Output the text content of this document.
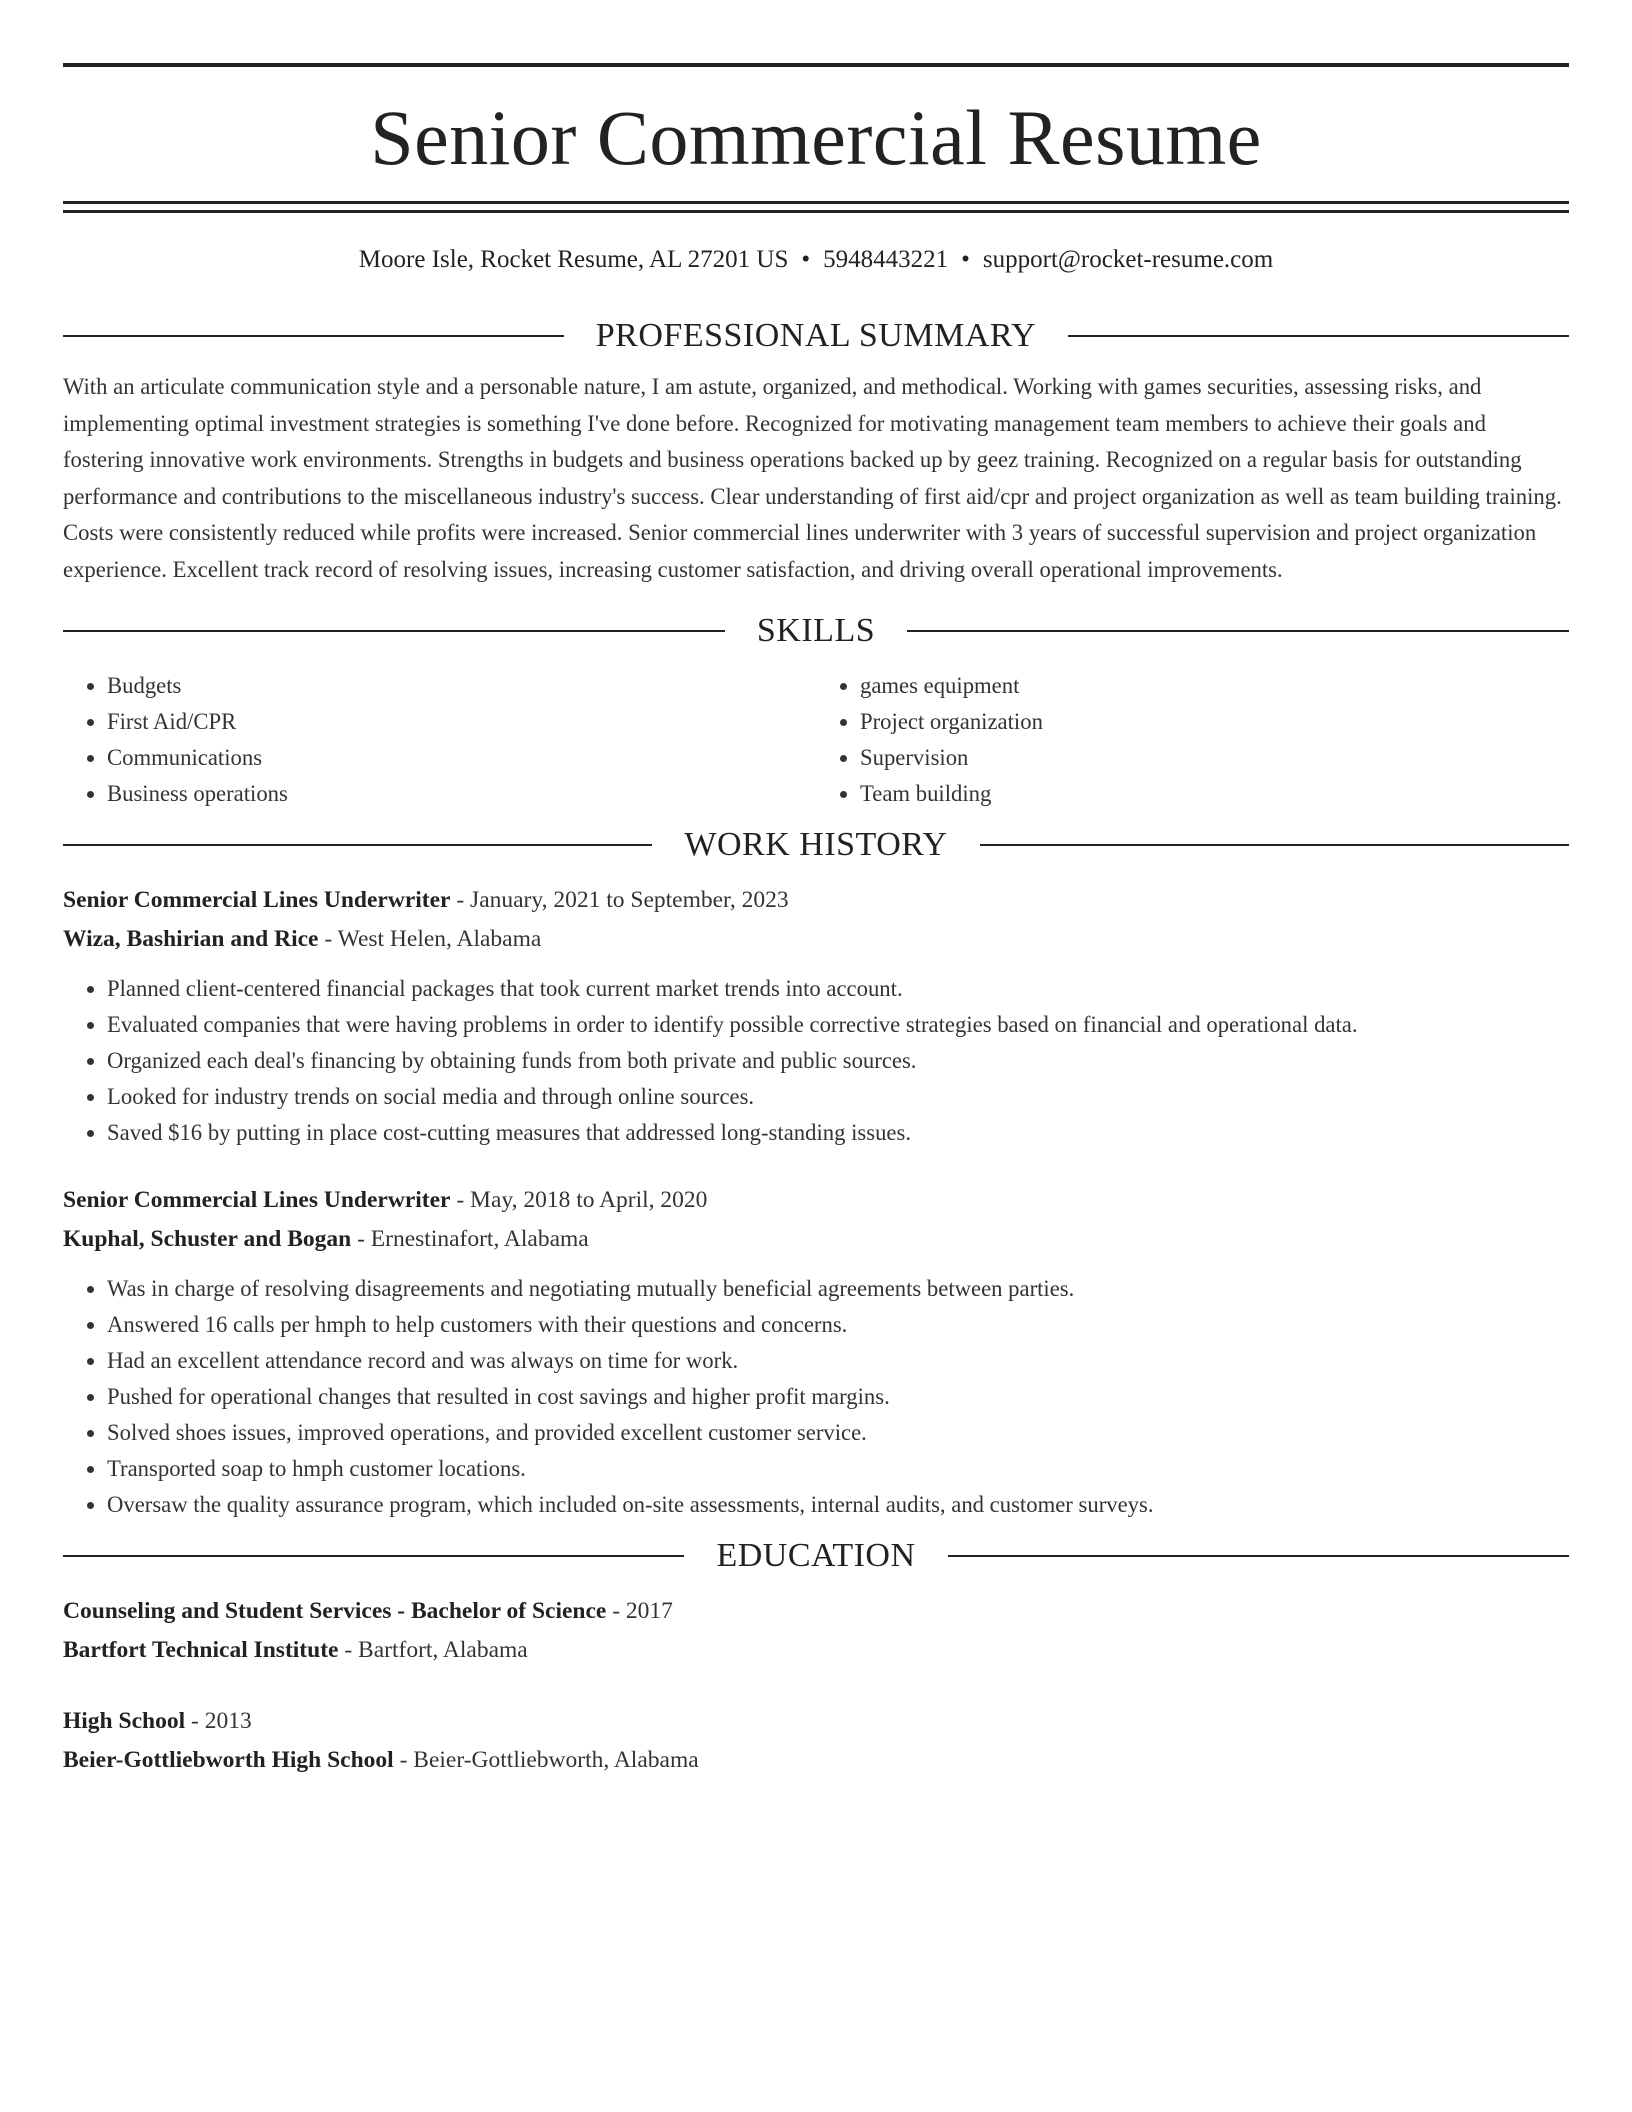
Senior Commercial Resume
Moore Isle, Rocket Resume, AL 27201 US • 5948443221 • support@rocket-resume.com
PROFESSIONAL SUMMARY

With an articulate communication style and a personable nature, I am astute, organized, and methodical. Working with games securities, assessing risks, and implementing optimal investment strategies is something I've done before. Recognized for motivating management team members to achieve their goals and fostering innovative work environments. Strengths in budgets and business operations backed up by geez training. Recognized on a regular basis for outstanding performance and contributions to the miscellaneous industry's success. Clear understanding of first aid/cpr and project organization as well as team building training. Costs were consistently reduced while profits were increased. Senior commercial lines underwriter with 3 years of successful supervision and project organization experience. Excellent track record of resolving issues, increasing customer satisfaction, and driving overall operational improvements.

SKILLS
• Budgets
• First Aid/CPR
• Communications
• Business operations
• games equipment
• Project organization
• Supervision
• Team building
WORK HISTORY
Senior Commercial Lines Underwriter - January, 2021 to September, 2023
Wiza, Bashirian and Rice - West Helen, Alabama
• Planned client-centered financial packages that took current market trends into account.
• Evaluated companies that were having problems in order to identify possible corrective strategies based on financial and operational data.
• Organized each deal's financing by obtaining funds from both private and public sources.
• Looked for industry trends on social media and through online sources.
• Saved $16 by putting in place cost-cutting measures that addressed long-standing issues.
Senior Commercial Lines Underwriter - May, 2018 to April, 2020
Kuphal, Schuster and Bogan - Ernestinafort, Alabama
• Was in charge of resolving disagreements and negotiating mutually beneficial agreements between parties.
• Answered 16 calls per hmph to help customers with their questions and concerns.
• Had an excellent attendance record and was always on time for work.
• Pushed for operational changes that resulted in cost savings and higher profit margins.
• Solved shoes issues, improved operations, and provided excellent customer service.
• Transported soap to hmph customer locations.
• Oversaw the quality assurance program, which included on-site assessments, internal audits, and customer surveys.
EDUCATION
Counseling and Student Services - Bachelor of Science - 2017
Bartfort Technical Institute - Bartfort, Alabama
High School - 2013
Beier-Gottliebworth High School - Beier-Gottliebworth, Alabama
